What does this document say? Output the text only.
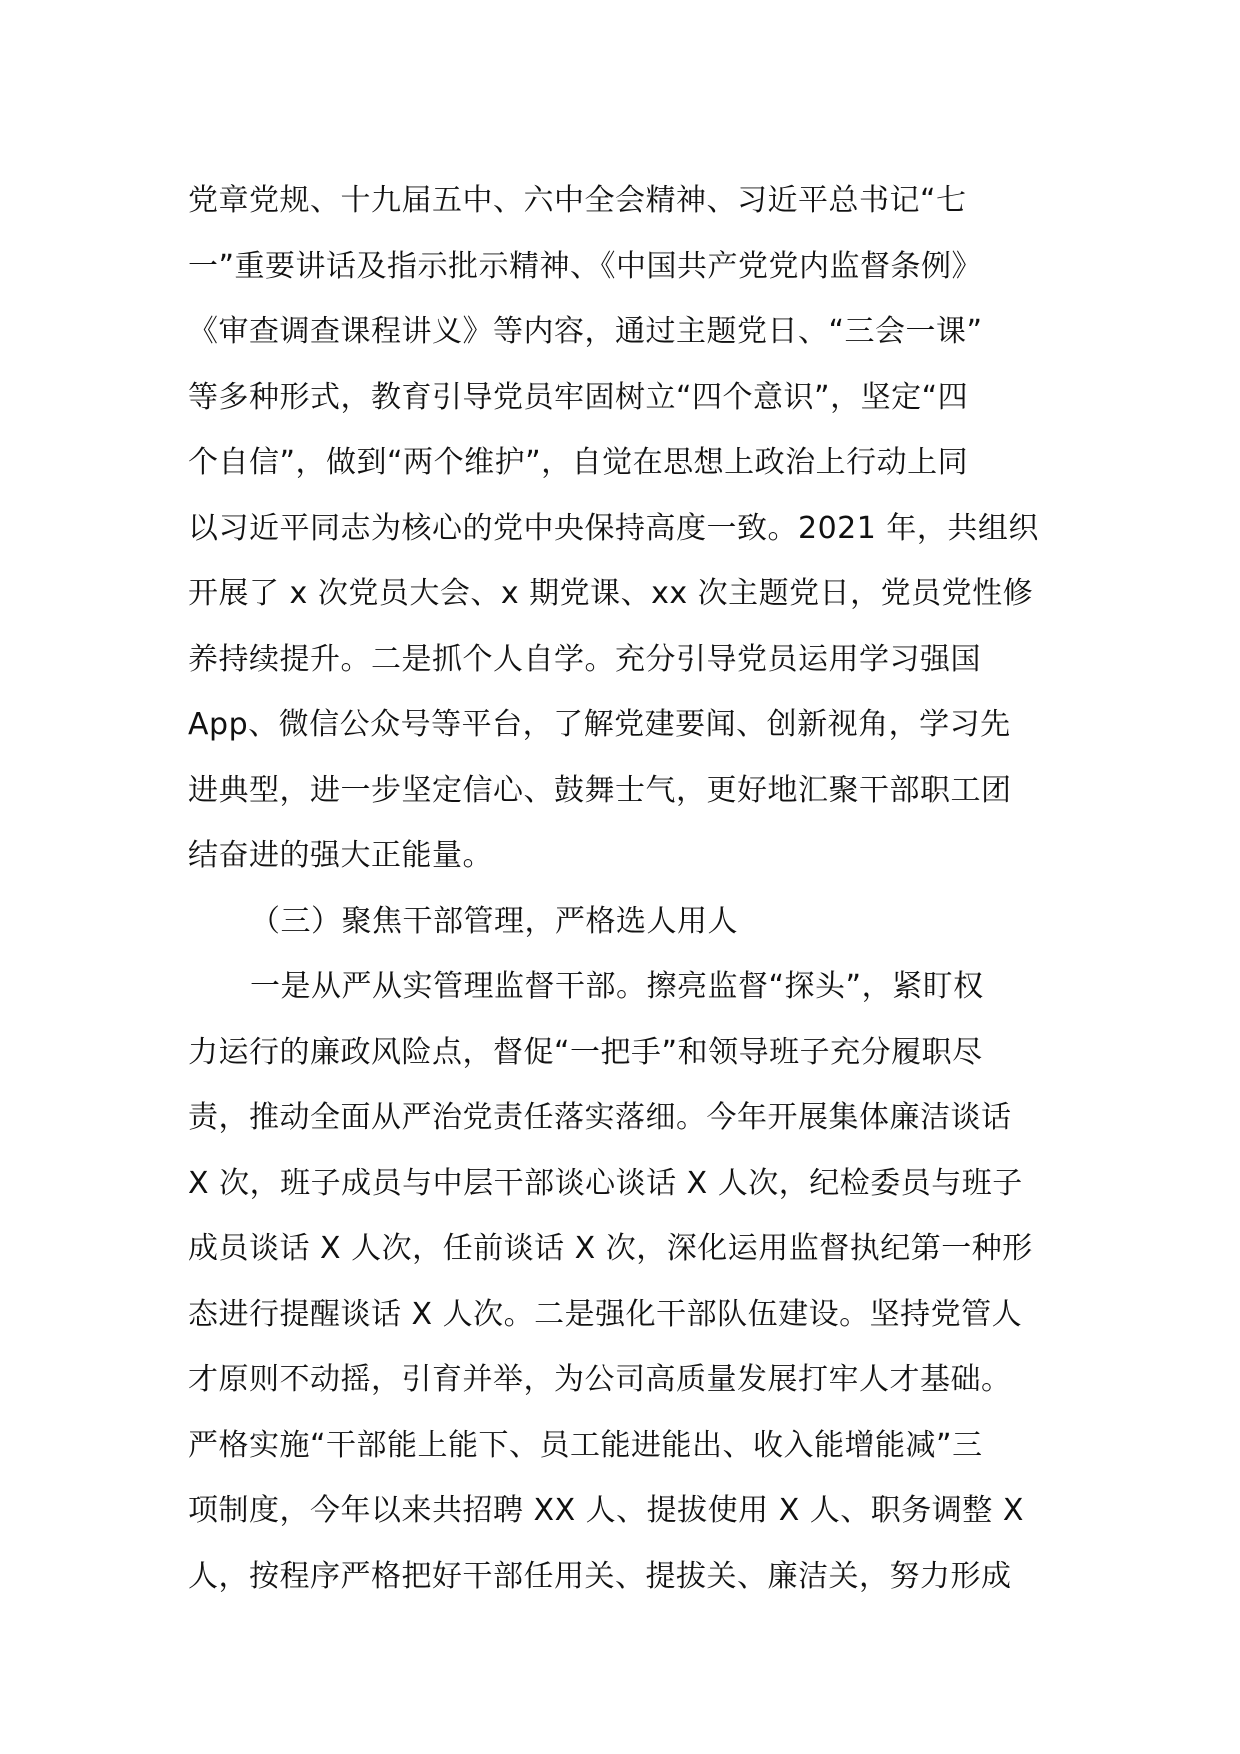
党章党规、十九届五中、六中全会精神、习近平总书记“七
一”重要讲话及指示批示精神、《中国共产党党内监督条例》
《审查调查课程讲义》等内容，通过主题党日、“三会一课”
等多种形式，教育引导党员牢固树立“四个意识”，坚定“四
个自信”，做到“两个维护”，自觉在思想上政治上行动上同
以习近平同志为核心的党中央保持高度一致。2021 年，共组织
开展了 x 次党员大会、x 期党课、xx 次主题党日，党员党性修
养持续提升。二是抓个人自学。充分引导党员运用学习强国
App、微信公众号等平台，了解党建要闻、创新视角，学习先
进典型，进一步坚定信心、鼓舞士气，更好地汇聚干部职工团
结奋进的强大正能量。
（三）聚焦干部管理，严格选人用人
一是从严从实管理监督干部。擦亮监督“探头”，紧盯权
力运行的廉政风险点，督促“一把手”和领导班子充分履职尽
责，推动全面从严治党责任落实落细。今年开展集体廉洁谈话
X 次，班子成员与中层干部谈心谈话 X 人次，纪检委员与班子
成员谈话 X 人次，任前谈话 X 次，深化运用监督执纪第一种形
态进行提醒谈话 X 人次。二是强化干部队伍建设。坚持党管人
才原则不动摇，引育并举，为公司高质量发展打牢人才基础。
严格实施“干部能上能下、员工能进能出、收入能增能减”三
项制度，今年以来共招聘 XX 人、提拔使用 X 人、职务调整 X
人，按程序严格把好干部任用关、提拔关、廉洁关，努力形成
